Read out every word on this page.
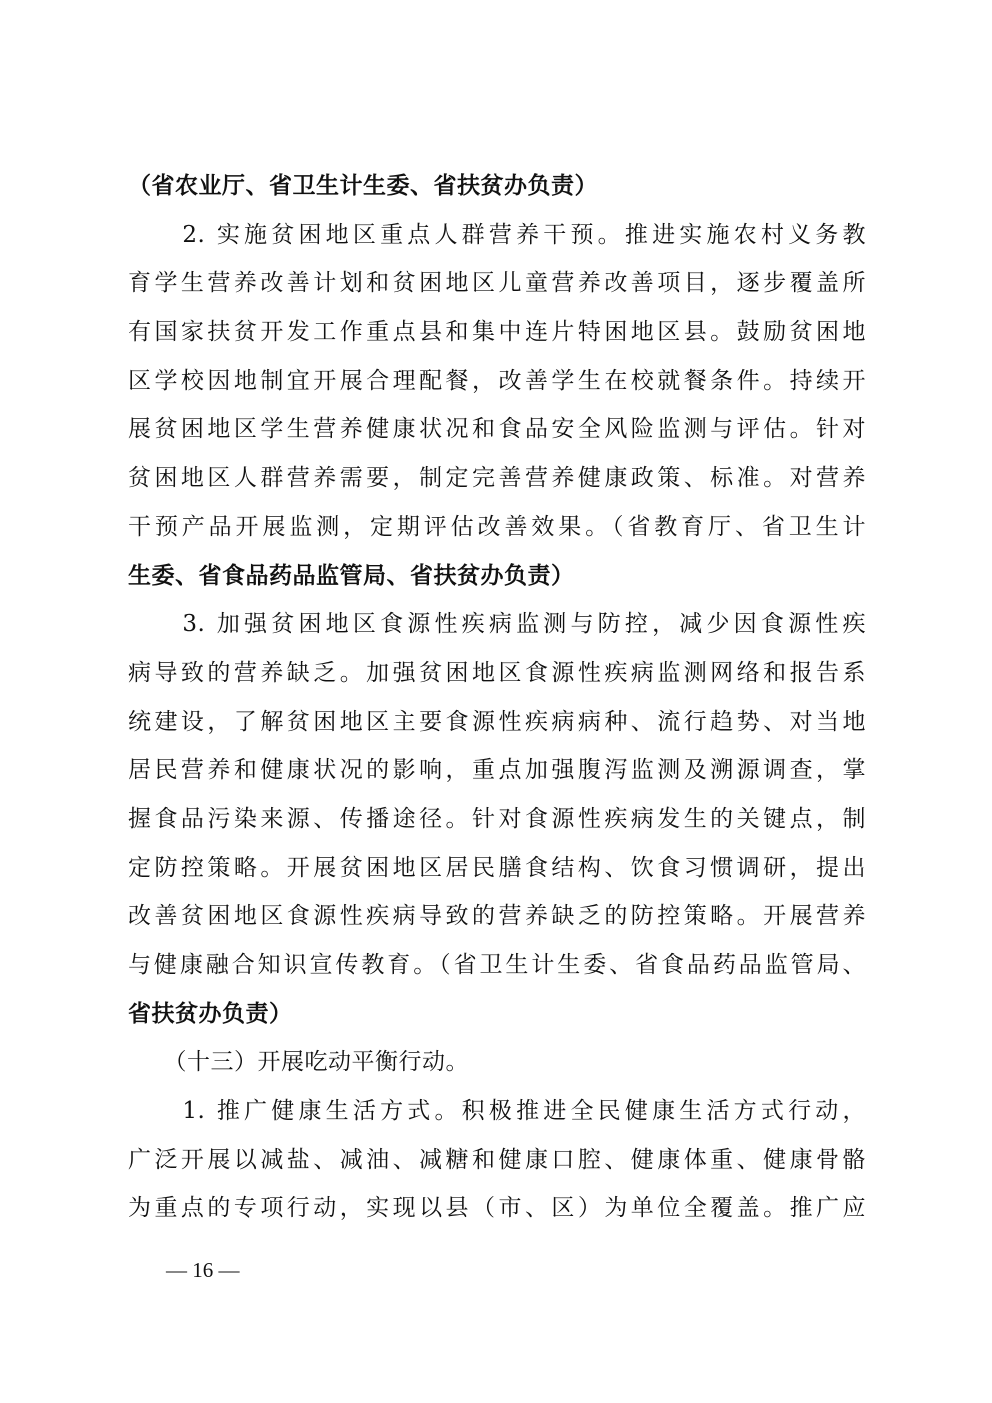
（省农业厅、省卫生计生委、省扶贫办负责）
　　2. 实施贫困地区重点人群营养干预。推进实施农村义务教
育学生营养改善计划和贫困地区儿童营养改善项目，逐步覆盖所
有国家扶贫开发工作重点县和集中连片特困地区县。鼓励贫困地
区学校因地制宜开展合理配餐，改善学生在校就餐条件。持续开
展贫困地区学生营养健康状况和食品安全风险监测与评估。针对
贫困地区人群营养需要，制定完善营养健康政策、标准。对营养
干预产品开展监测，定期评估改善效果。（省教育厅、省卫生计
生委、省食品药品监管局、省扶贫办负责）
　　3. 加强贫困地区食源性疾病监测与防控，减少因食源性疾
病导致的营养缺乏。加强贫困地区食源性疾病监测网络和报告系
统建设，了解贫困地区主要食源性疾病病种、流行趋势、对当地
居民营养和健康状况的影响，重点加强腹泻监测及溯源调查，掌
握食品污染来源、传播途径。针对食源性疾病发生的关键点，制
定防控策略。开展贫困地区居民膳食结构、饮食习惯调研，提出
改善贫困地区食源性疾病导致的营养缺乏的防控策略。开展营养
与健康融合知识宣传教育。（省卫生计生委、省食品药品监管局、
省扶贫办负责）
　　（十三）开展吃动平衡行动。
　　1. 推广健康生活方式。积极推进全民健康生活方式行动，
广泛开展以减盐、减油、减糖和健康口腔、健康体重、健康骨骼
为重点的专项行动，实现以县（市、区）为单位全覆盖。推广应
— 16 —
